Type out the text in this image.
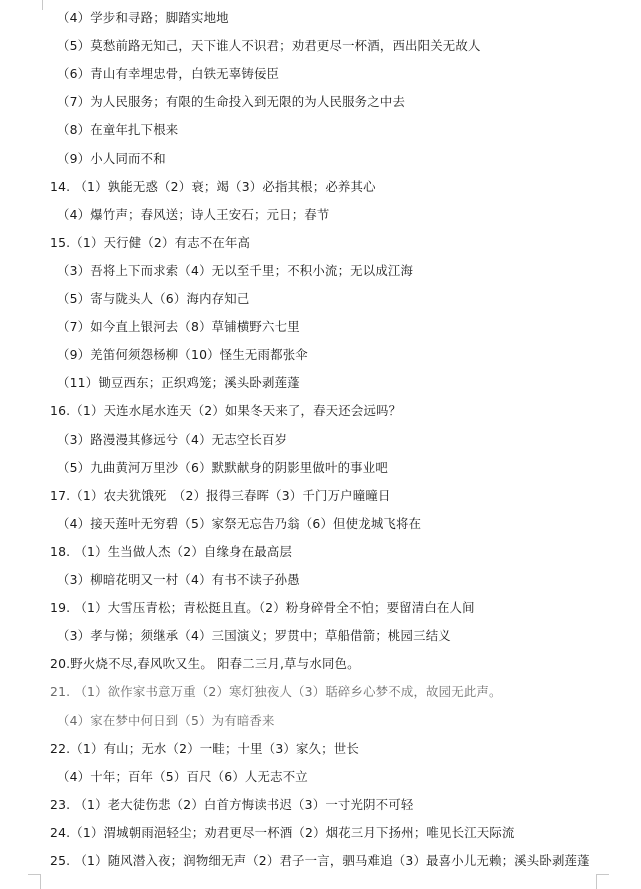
（4）学步和寻路；脚踏实地地
（5）莫愁前路无知己，天下谁人不识君；劝君更尽一杯酒，西出阳关无故人
（6）青山有幸埋忠骨，白铁无辜铸佞臣
（7）为人民服务；有限的生命投入到无限的为人民服务之中去
（8）在童年扎下根来
（9）小人同而不和
14. （1）孰能无惑（2）衰；竭（3）必指其根；必养其心
（4）爆竹声；春风送；诗人王安石；元日；春节
15.（1）天行健（2）有志不在年高
（3）吾将上下而求索（4）无以至千里；不积小流；无以成江海
（5）寄与陇头人（6）海内存知己
（7）如今直上银河去（8）草铺横野六七里
（9）羌笛何须怨杨柳（10）怪生无雨都张伞
（11）锄豆西东；正织鸡笼；溪头卧剥莲蓬
16.（1）天连水尾水连天（2）如果冬天来了，春天还会远吗？
（3）路漫漫其修远兮（4）无志空长百岁
（5）九曲黄河万里沙（6）默默献身的阴影里做叶的事业吧
17.（1）农夫犹饿死　（2）报得三春晖（3）千门万户曈曈日
（4）接天莲叶无穷碧（5）家祭无忘告乃翁（6）但使龙城飞将在
18. （1）生当做人杰（2）自缘身在最高层
（3）柳暗花明又一村（4）有书不读子孙愚
19. （1）大雪压青松；青松挺且直。（2）粉身碎骨全不怕；要留清白在人间
（3）孝与悌；须继承（4）三国演义；罗贯中；草船借箭；桃园三结义
20.野火烧不尽,春风吹又生。 阳春二三月,草与水同色。
21. （1）欲作家书意万重（2）寒灯独夜人（3）聒碎乡心梦不成，故园无此声。
（4）家在梦中何日到（5）为有暗香来
22.（1）有山；无水（2）一畦；十里（3）家久；世长
（4）十年；百年（5）百尺（6）人无志不立
23. （1）老大徒伤悲（2）白首方悔读书迟（3）一寸光阴不可轻
24.（1）渭城朝雨浥轻尘；劝君更尽一杯酒（2）烟花三月下扬州；唯见长江天际流
25. （1）随风潜入夜；润物细无声（2）君子一言，驷马难追（3）最喜小儿无赖；溪头卧剥莲蓬
